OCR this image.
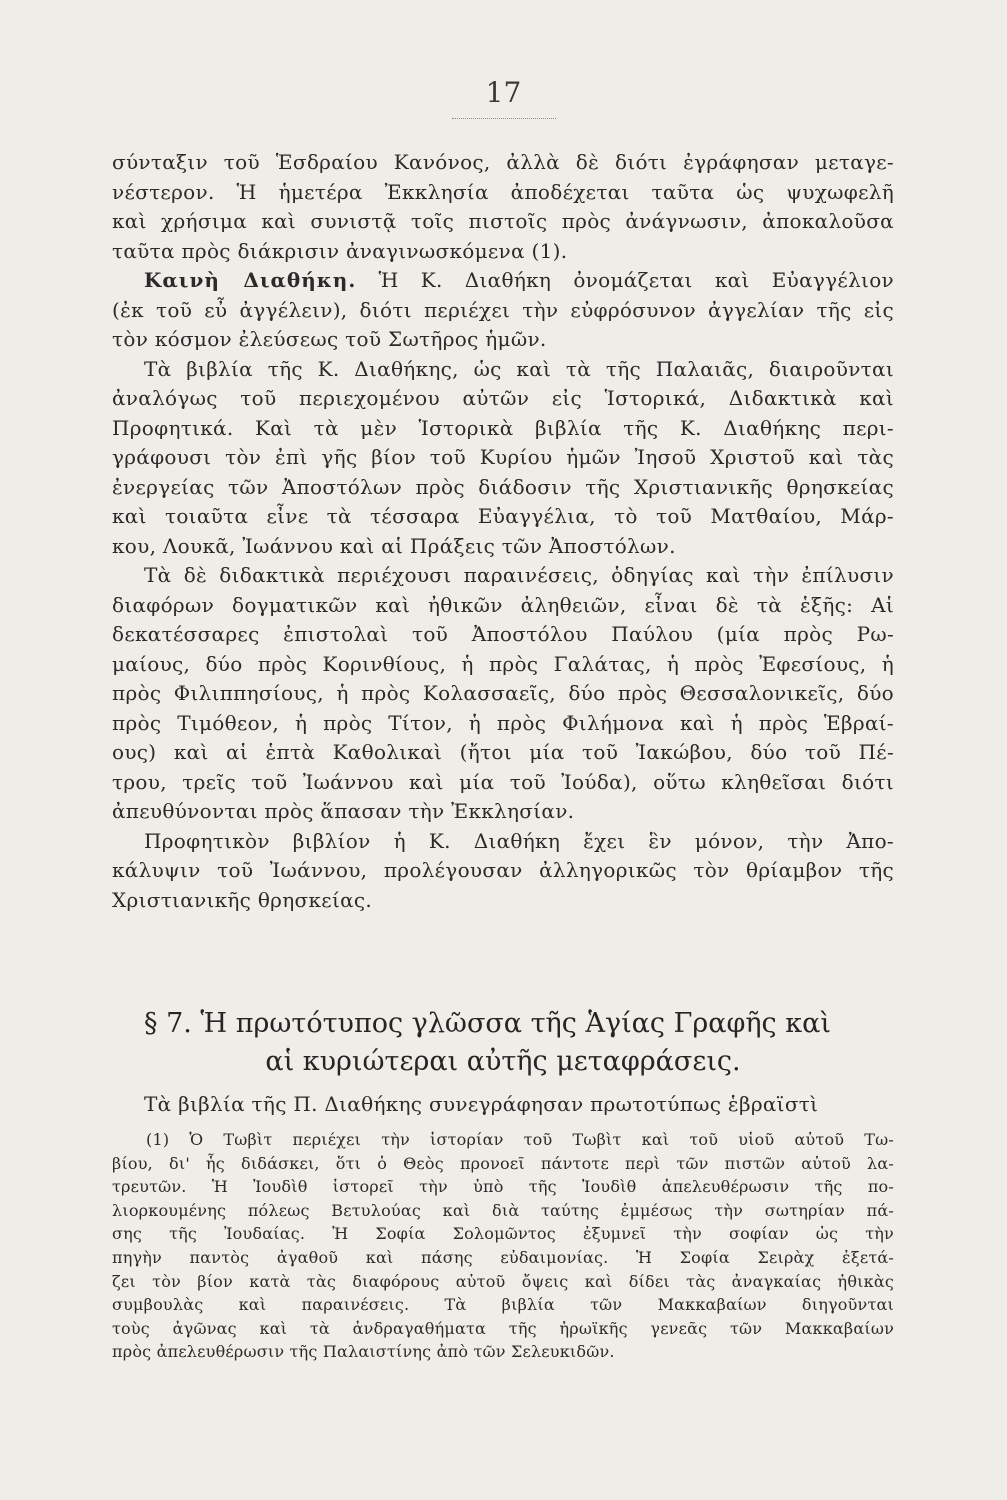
17
σύνταξιν τοῦ Ἑσδραίου Κανόνος, ἀλλὰ δὲ διότι ἐγράφησαν μεταγε-
νέστερον. Ἡ ἡμετέρα Ἐκκλησία ἀποδέχεται ταῦτα ὡς ψυχωφελῆ
καὶ χρήσιμα καὶ συνιστᾷ τοῖς πιστοῖς πρὸς ἀνάγνωσιν, ἀποκαλοῦσα
ταῦτα πρὸς διάκρισιν ἀναγινωσκόμενα (1).
Καινὴ Διαθήκη. Ἡ Κ. Διαθήκη ὀνομάζεται καὶ Εὐαγγέλιον
(ἐκ τοῦ εὖ ἀγγέλειν), διότι περιέχει τὴν εὐφρόσυνον ἀγγελίαν τῆς εἰς
τὸν κόσμον ἐλεύσεως τοῦ Σωτῆρος ἡμῶν.
Τὰ βιβλία τῆς Κ. Διαθήκης, ὡς καὶ τὰ τῆς Παλαιᾶς, διαιροῦνται
ἀναλόγως τοῦ περιεχομένου αὐτῶν εἰς Ἱστορικά, Διδακτικὰ καὶ
Προφητικά. Καὶ τὰ μὲν Ἱστορικὰ βιβλία τῆς Κ. Διαθήκης περι-
γράφουσι τὸν ἐπὶ γῆς βίον τοῦ Κυρίου ἡμῶν Ἰησοῦ Χριστοῦ καὶ τὰς
ἐνεργείας τῶν Ἀποστόλων πρὸς διάδοσιν τῆς Χριστιανικῆς θρησκείας
καὶ τοιαῦτα εἶνε τὰ τέσσαρα Εὐαγγέλια, τὸ τοῦ Ματθαίου, Μάρ-
κου, Λουκᾶ, Ἰωάννου καὶ αἱ Πράξεις τῶν Ἀποστόλων.
Τὰ δὲ διδακτικὰ περιέχουσι παραινέσεις, ὁδηγίας καὶ τὴν ἐπίλυσιν
διαφόρων δογματικῶν καὶ ἠθικῶν ἀληθειῶν, εἶναι δὲ τὰ ἑξῆς: Αἱ
δεκατέσσαρες ἐπιστολαὶ τοῦ Ἀποστόλου Παύλου (μία πρὸς Ρω-
μαίους, δύο πρὸς Κορινθίους, ἡ πρὸς Γαλάτας, ἡ πρὸς Ἐφεσίους, ἡ
πρὸς Φιλιππησίους, ἡ πρὸς Κολασσαεῖς, δύο πρὸς Θεσσαλονικεῖς, δύο
πρὸς Τιμόθεον, ἡ πρὸς Τίτον, ἡ πρὸς Φιλήμονα καὶ ἡ πρὸς Ἑβραί-
ους) καὶ αἱ ἑπτὰ Καθολικαὶ (ἤτοι μία τοῦ Ἰακώβου, δύο τοῦ Πέ-
τρου, τρεῖς τοῦ Ἰωάννου καὶ μία τοῦ Ἰούδα), οὕτω κληθεῖσαι διότι
ἀπευθύνονται πρὸς ἅπασαν τὴν Ἐκκλησίαν.
Προφητικὸν βιβλίον ἡ Κ. Διαθήκη ἔχει ἓν μόνον, τὴν Ἀπο-
κάλυψιν τοῦ Ἰωάννου, προλέγουσαν ἀλληγορικῶς τὸν θρίαμβον τῆς
Χριστιανικῆς θρησκείας.
§ 7. Ἡ πρωτότυπος γλῶσσα τῆς Ἁγίας Γραφῆς καὶ
αἱ κυριώτεραι αὐτῆς μεταφράσεις.
Τὰ βιβλία τῆς Π. Διαθήκης συνεγράφησαν πρωτοτύπως ἑβραϊστὶ
(1) Ὁ Τωβὶτ περιέχει τὴν ἱστορίαν τοῦ Τωβὶτ καὶ τοῦ υἱοῦ αὐτοῦ Τω-
βίου, δι' ἧς διδάσκει, ὅτι ὁ Θεὸς προνοεῖ πάντοτε περὶ τῶν πιστῶν αὐτοῦ λα-
τρευτῶν. Ἡ Ἰουδὶθ ἱστορεῖ τὴν ὑπὸ τῆς Ἰουδὶθ ἀπελευθέρωσιν τῆς πο-
λιορκουμένης πόλεως Βετυλούας καὶ διὰ ταύτης ἐμμέσως τὴν σωτηρίαν πά-
σης τῆς Ἰουδαίας. Ἡ Σοφία Σολομῶντος ἐξυμνεῖ τὴν σοφίαν ὡς τὴν
πηγὴν παντὸς ἀγαθοῦ καὶ πάσης εὐδαιμονίας. Ἡ Σοφία Σειρὰχ ἐξετά-
ζει τὸν βίον κατὰ τὰς διαφόρους αὐτοῦ ὄψεις καὶ δίδει τὰς ἀναγκαίας ἠθικὰς
συμβουλὰς καὶ παραινέσεις. Τὰ βιβλία τῶν Μακκαβαίων διηγοῦνται
τοὺς ἀγῶνας καὶ τὰ ἀνδραγαθήματα τῆς ἡρωϊκῆς γενεᾶς τῶν Μακκαβαίων
πρὸς ἀπελευθέρωσιν τῆς Παλαιστίνης ἀπὸ τῶν Σελευκιδῶν.
